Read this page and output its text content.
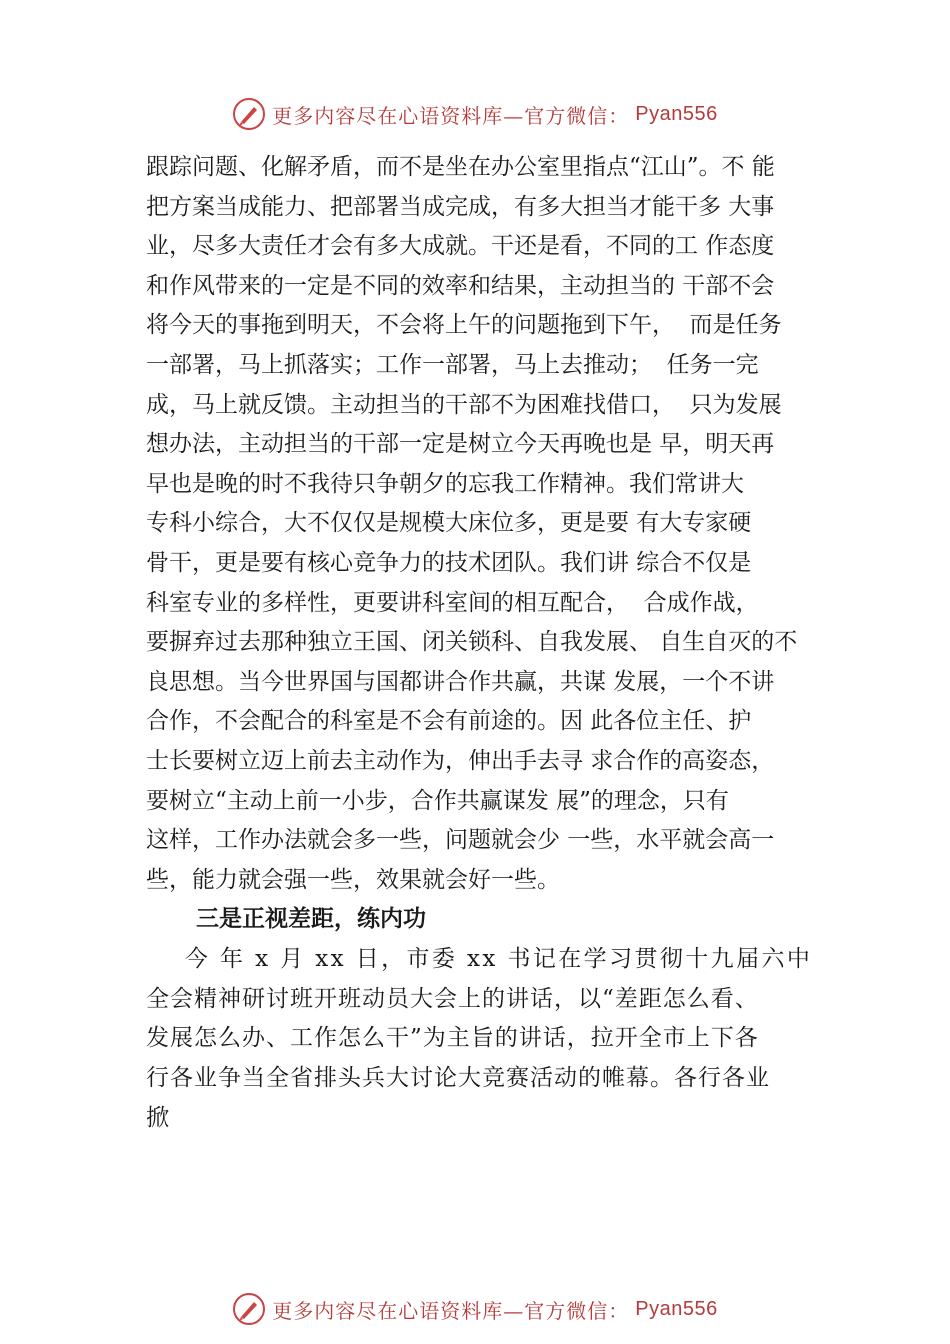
更多内容尽在心语资料库—官方微信： Pyan556
跟踪问题、化解矛盾，而不是坐在办公室里指点“江山”。不 能
把方案当成能力、把部署当成完成，有多大担当才能干多 大事
业，尽多大责任才会有多大成就。干还是看，不同的工 作态度
和作风带来的一定是不同的效率和结果，主动担当的 干部不会
将今天的事拖到明天，不会将上午的问题拖到下午，  而是任务
一部署，马上抓落实；工作一部署，马上去推动；  任务一完
成，马上就反馈。主动担当的干部不为困难找借口，  只为发展
想办法，主动担当的干部一定是树立今天再晚也是 早，明天再
早也是晚的时不我待只争朝夕的忘我工作精神。我们常讲大
专科小综合，大不仅仅是规模大床位多，更是要 有大专家硬
骨干，更是要有核心竞争力的技术团队。我们讲 综合不仅是
科室专业的多样性，更要讲科室间的相互配合，  合成作战，
要摒弃过去那种独立王国、闭关锁科、自我发展、 自生自灭的不
良思想。当今世界国与国都讲合作共赢，共谋 发展，一个不讲
合作，不会配合的科室是不会有前途的。因 此各位主任、护
士长要树立迈上前去主动作为，伸出手去寻 求合作的高姿态，
要树立“主动上前一小步，合作共赢谋发 展”的理念，只有
这样，工作办法就会多一些，问题就会少 一些，水平就会高一
些，能力就会强一些，效果就会好一些。
三是正视差距，练内功
今 年 x 月 xx 日，市委 xx 书记在学习贯彻十九届六中
全会精神研讨班开班动员大会上的讲话，以“差距怎么看、
发展怎么办、工作怎么干”为主旨的讲话，拉开全市上下各
行各业争当全省排头兵大讨论大竞赛活动的帷幕。各行各业
掀
更多内容尽在心语资料库—官方微信： Pyan556
